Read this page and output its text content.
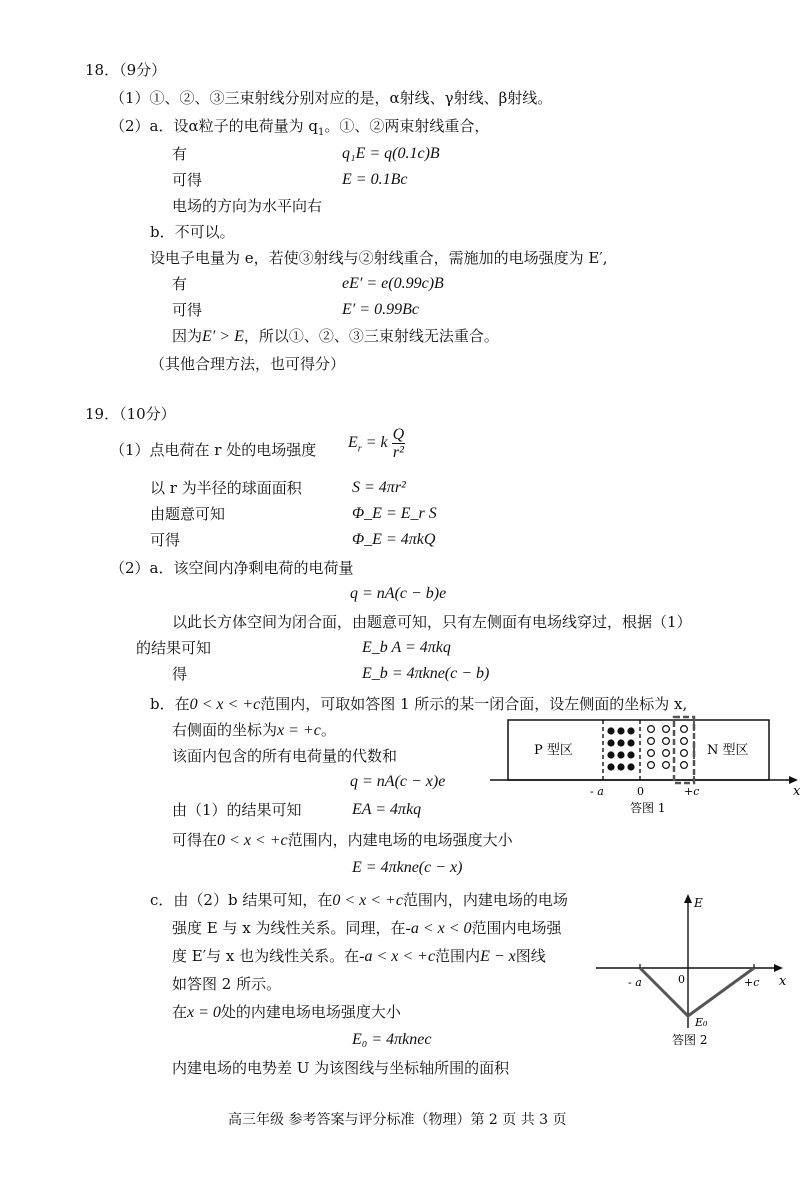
18．（9分）
（1）①、②、③三束射线分别对应的是，α射线、γ射线、β射线。
（2）a．设α粒子的电荷量为 $q_1$。①、②两束射线重合，
有	q₁E = q(0.1c)B
可得	E = 0.1Bc
电场的方向为水平向右
b．不可以。
设电子电量为 e，若使③射线与②射线重合，需施加的电场强度为 E′,
有	eE′ = e(0.99c)B
可得	E′ = 0.99Bc
因为E′ > E，所以①、②、③三束射线无法重合。
（其他合理方法，也可得分）
19．（10分）
（1）点电荷在 r 处的电场强度 $E_r = k \frac{Q}{\text{r²}}$
以 r 为半径的球面面积	S = 4πr²
由题意可知	Φ_E = E_r S
可得	Φ_E = 4πkQ
（2）a．该空间内净剩电荷的电荷量
q = nA(c − b)e
以此长方体空间为闭合面，由题意可知，只有左侧面有电场线穿过，根据（1）
的结果可知	E_b A = 4πkq
得	E_b = 4πkne(c − b)
b．在0 < x < +c范围内，可取如答图 1 所示的某一闭合面，设左侧面的坐标为 x,
右侧面的坐标为x = +c。
该面内包含的所有电荷量的代数和
q = nA(c − x)e
由（1）的结果可知	EA = 4πkq
可得在0 < x < +c范围内，内建电场的电场强度大小
E = 4πkne(c − x)
c．由（2）b 结果可知，在0 < x < +c范围内，内建电场的电场
强度 E 与 x 为线性关系。同理，在-a < x < 0范围内电场强
度 E′与 x 也为线性关系。在-a < x < +c范围内E − x图线
如答图 2 所示。
在x = 0处的内建电场电场强度大小
E₀ = 4πknec
内建电场的电势差 U 为该图线与坐标轴所围的面积
P 型区	N 型区
- a	0	+c	x
答图 1
E
x
- a	0	+c
E₀
答图 2
高三年级 参考答案与评分标准（物理）第 2 页 共 3 页
